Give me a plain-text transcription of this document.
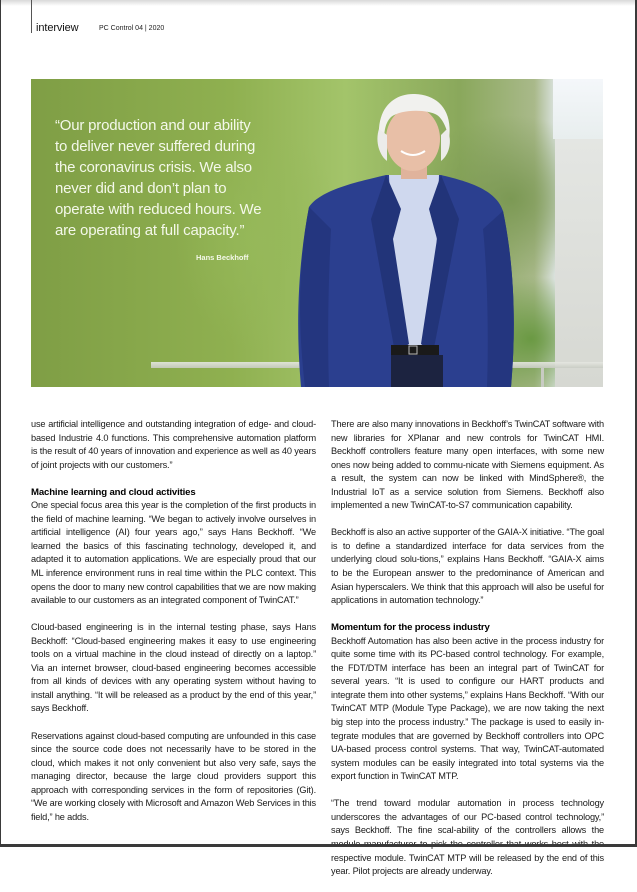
interview	PC Control 04 | 2020
“Our production and our ability to deliver never suffered during the coronavirus crisis. We also never did and don’t plan to operate with reduced hours. We are operating at full capacity.”
Hans Beckhoff

use artificial intelligence and outstanding integration of edge- and cloud-based Industrie 4.0 functions. This comprehensive automation platform is the result of 40 years of innovation and experience as well as 40 years of joint projects with our customers.”

Machine learning and cloud activities

One special focus area this year is the completion of the first products in the field of machine learning. “We began to actively involve ourselves in artificial intelligence (AI) four years ago,” says Hans Beckhoff. “We learned the basics of this fascinating technology, developed it, and adapted it to automation applications. We are especially proud that our ML inference environment runs in real time within the PLC context. This opens the door to many new control capabilities that we are now making available to our customers as an integrated component of TwinCAT.”

Cloud-based engineering is in the internal testing phase, says Hans Beckhoff: “Cloud-based engineering makes it easy to use engineering tools on a virtual machine in the cloud instead of directly on a laptop.” Via an internet browser, cloud-based engineering becomes accessible from all kinds of devices with any operating system without having to install anything. “It will be released as a product by the end of this year,” says Beckhoff.

Reservations against cloud-based computing are unfounded in this case since the source code does not necessarily have to be stored in the cloud, which makes it not only convenient but also very safe, says the managing director, because the large cloud providers support this approach with corresponding services in the form of repositories (Git). “We are working closely with Microsoft and Amazon Web Services in this field,” he adds.

There are also many innovations in Beckhoff’s TwinCAT software with new libraries for XPlanar and new controls for TwinCAT HMI. Beckhoff controllers feature many open interfaces, with some new ones now being added to commu-nicate with Siemens equipment. As a result, the system can now be linked with MindSphere®, the Industrial IoT as a service solution from Siemens. Beckhoff also implemented a new TwinCAT-to-S7 communication capability.

Beckhoff is also an active supporter of the GAIA-X initiative. “The goal is to define a standardized interface for data services from the underlying cloud solu-tions,” explains Hans Beckhoff. “GAIA-X aims to be the European answer to the predominance of American and Asian hyperscalers. We think that this approach will also be useful for applications in automation technology.”

Momentum for the process industry

Beckhoff Automation has also been active in the process industry for quite some time with its PC-based control technology. For example, the FDT/DTM interface has been an integral part of TwinCAT for several years. “It is used to configure our HART products and integrate them into other systems,” explains Hans Beckhoff. “With our TwinCAT MTP (Module Type Package), we are now taking the next big step into the process industry.” The package is used to easily in-tegrate modules that are governed by Beckhoff controllers into OPC UA-based process control systems. That way, TwinCAT-automated system modules can be easily integrated into total systems via the export function in TwinCAT MTP.

“The trend toward modular automation in process technology underscores the advantages of our PC-based control technology,” says Beckhoff. The fine scal-ability of the controllers allows the module manufacturer to pick the controller that works best with the respective module. TwinCAT MTP will be released by the end of this year. Pilot projects are already underway.
